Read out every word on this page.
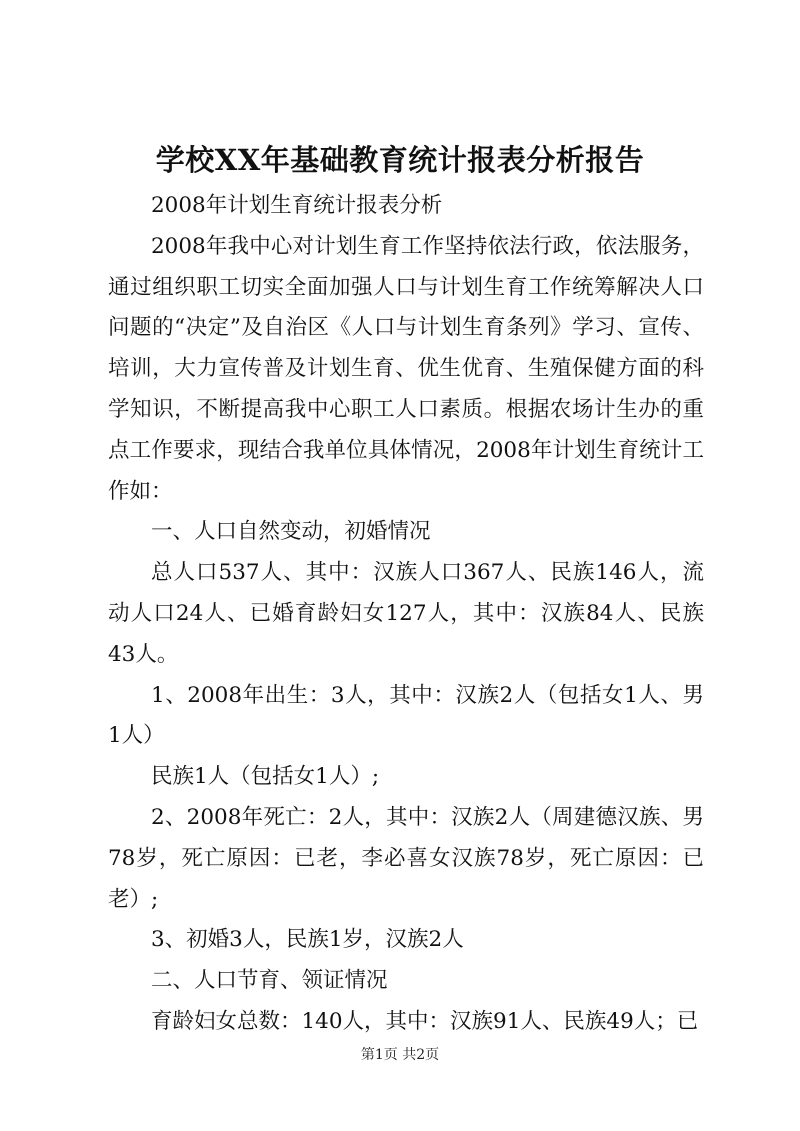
学校XX年基础教育统计报表分析报告

2008年计划生育统计报表分析

2008年我中心对计划生育工作坚持依法行政，依法服务，通过组织职工切实全面加强人口与计划生育工作统筹解决人口问题的“决定”及自治区《人口与计划生育条列》学习、宣传、培训，大力宣传普及计划生育、优生优育、生殖保健方面的科学知识，不断提高我中心职工人口素质。根据农场计生办的重点工作要求，现结合我单位具体情况，2008年计划生育统计工作如：

一、人口自然变动，初婚情况

总人口537人、其中：汉族人口367人、民族146人，流动人口24人、已婚育龄妇女127人，其中：汉族84人、民族43人。

1、2008年出生：3人，其中：汉族2人（包括女1人、男1人）

民族1人（包括女1人）;

2、2008年死亡：2人，其中：汉族2人（周建德汉族、男78岁，死亡原因：已老，李必喜女汉族78岁，死亡原因：已老）;

3、初婚3人，民族1岁，汉族2人

二、人口节育、领证情况

育龄妇女总数：140人，其中：汉族91人、民族49人；已

第1页 共2页
